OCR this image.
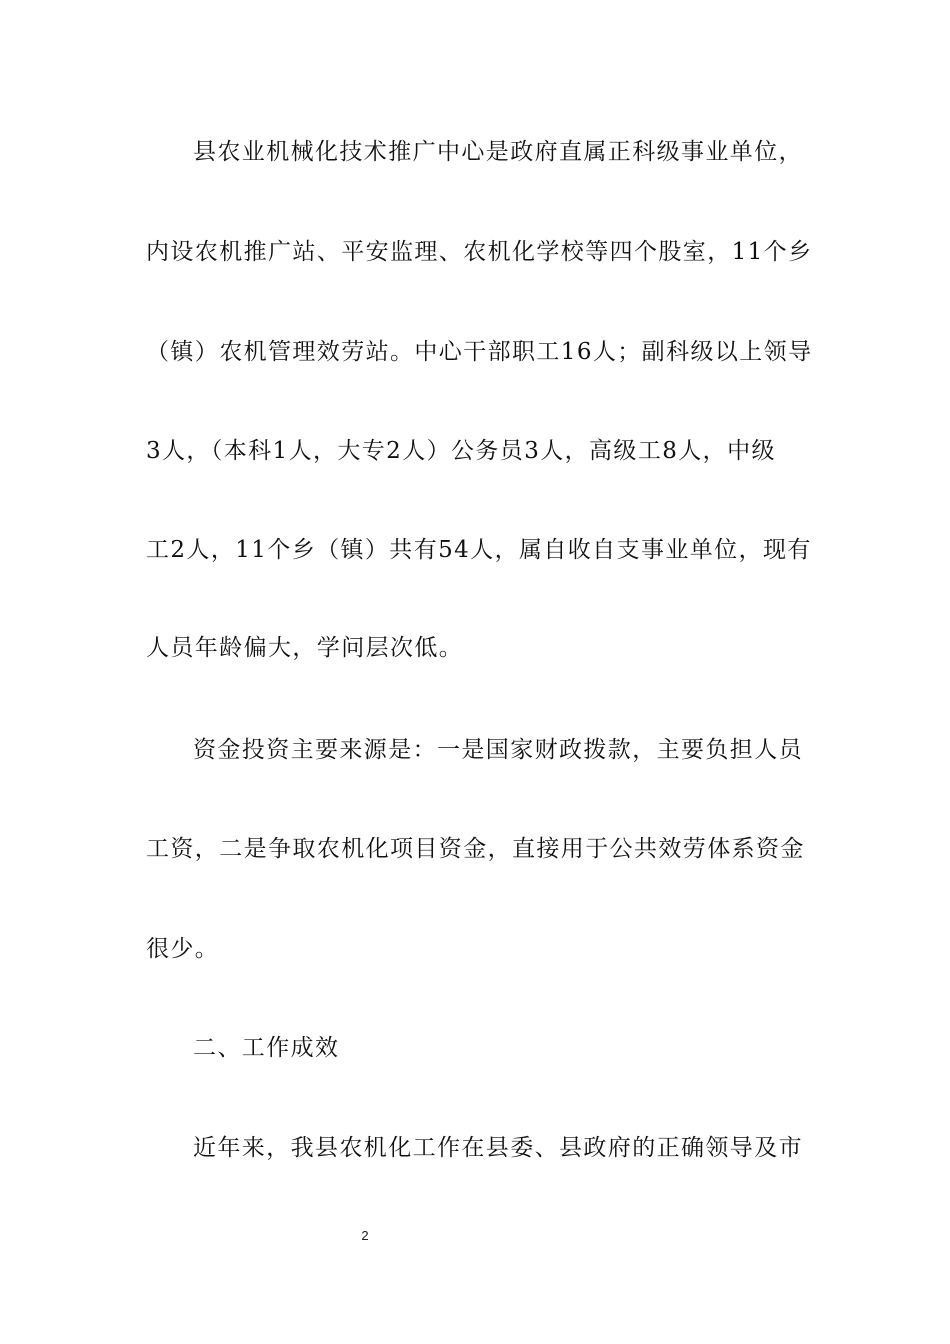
县农业机械化技术推广中心是政府直属正科级事业单位，
内设农机推广站、平安监理、农机化学校等四个股室，11个乡
（镇）农机管理效劳站。中心干部职工16人；副科级以上领导
3人，（本科1人，大专2人）公务员3人，高级工8人，中级
工2人，11个乡（镇）共有54人，属自收自支事业单位，现有
人员年龄偏大，学问层次低。
资金投资主要来源是：一是国家财政拨款，主要负担人员
工资，二是争取农机化项目资金，直接用于公共效劳体系资金
很少。
二、工作成效
近年来，我县农机化工作在县委、县政府的正确领导及市
2
